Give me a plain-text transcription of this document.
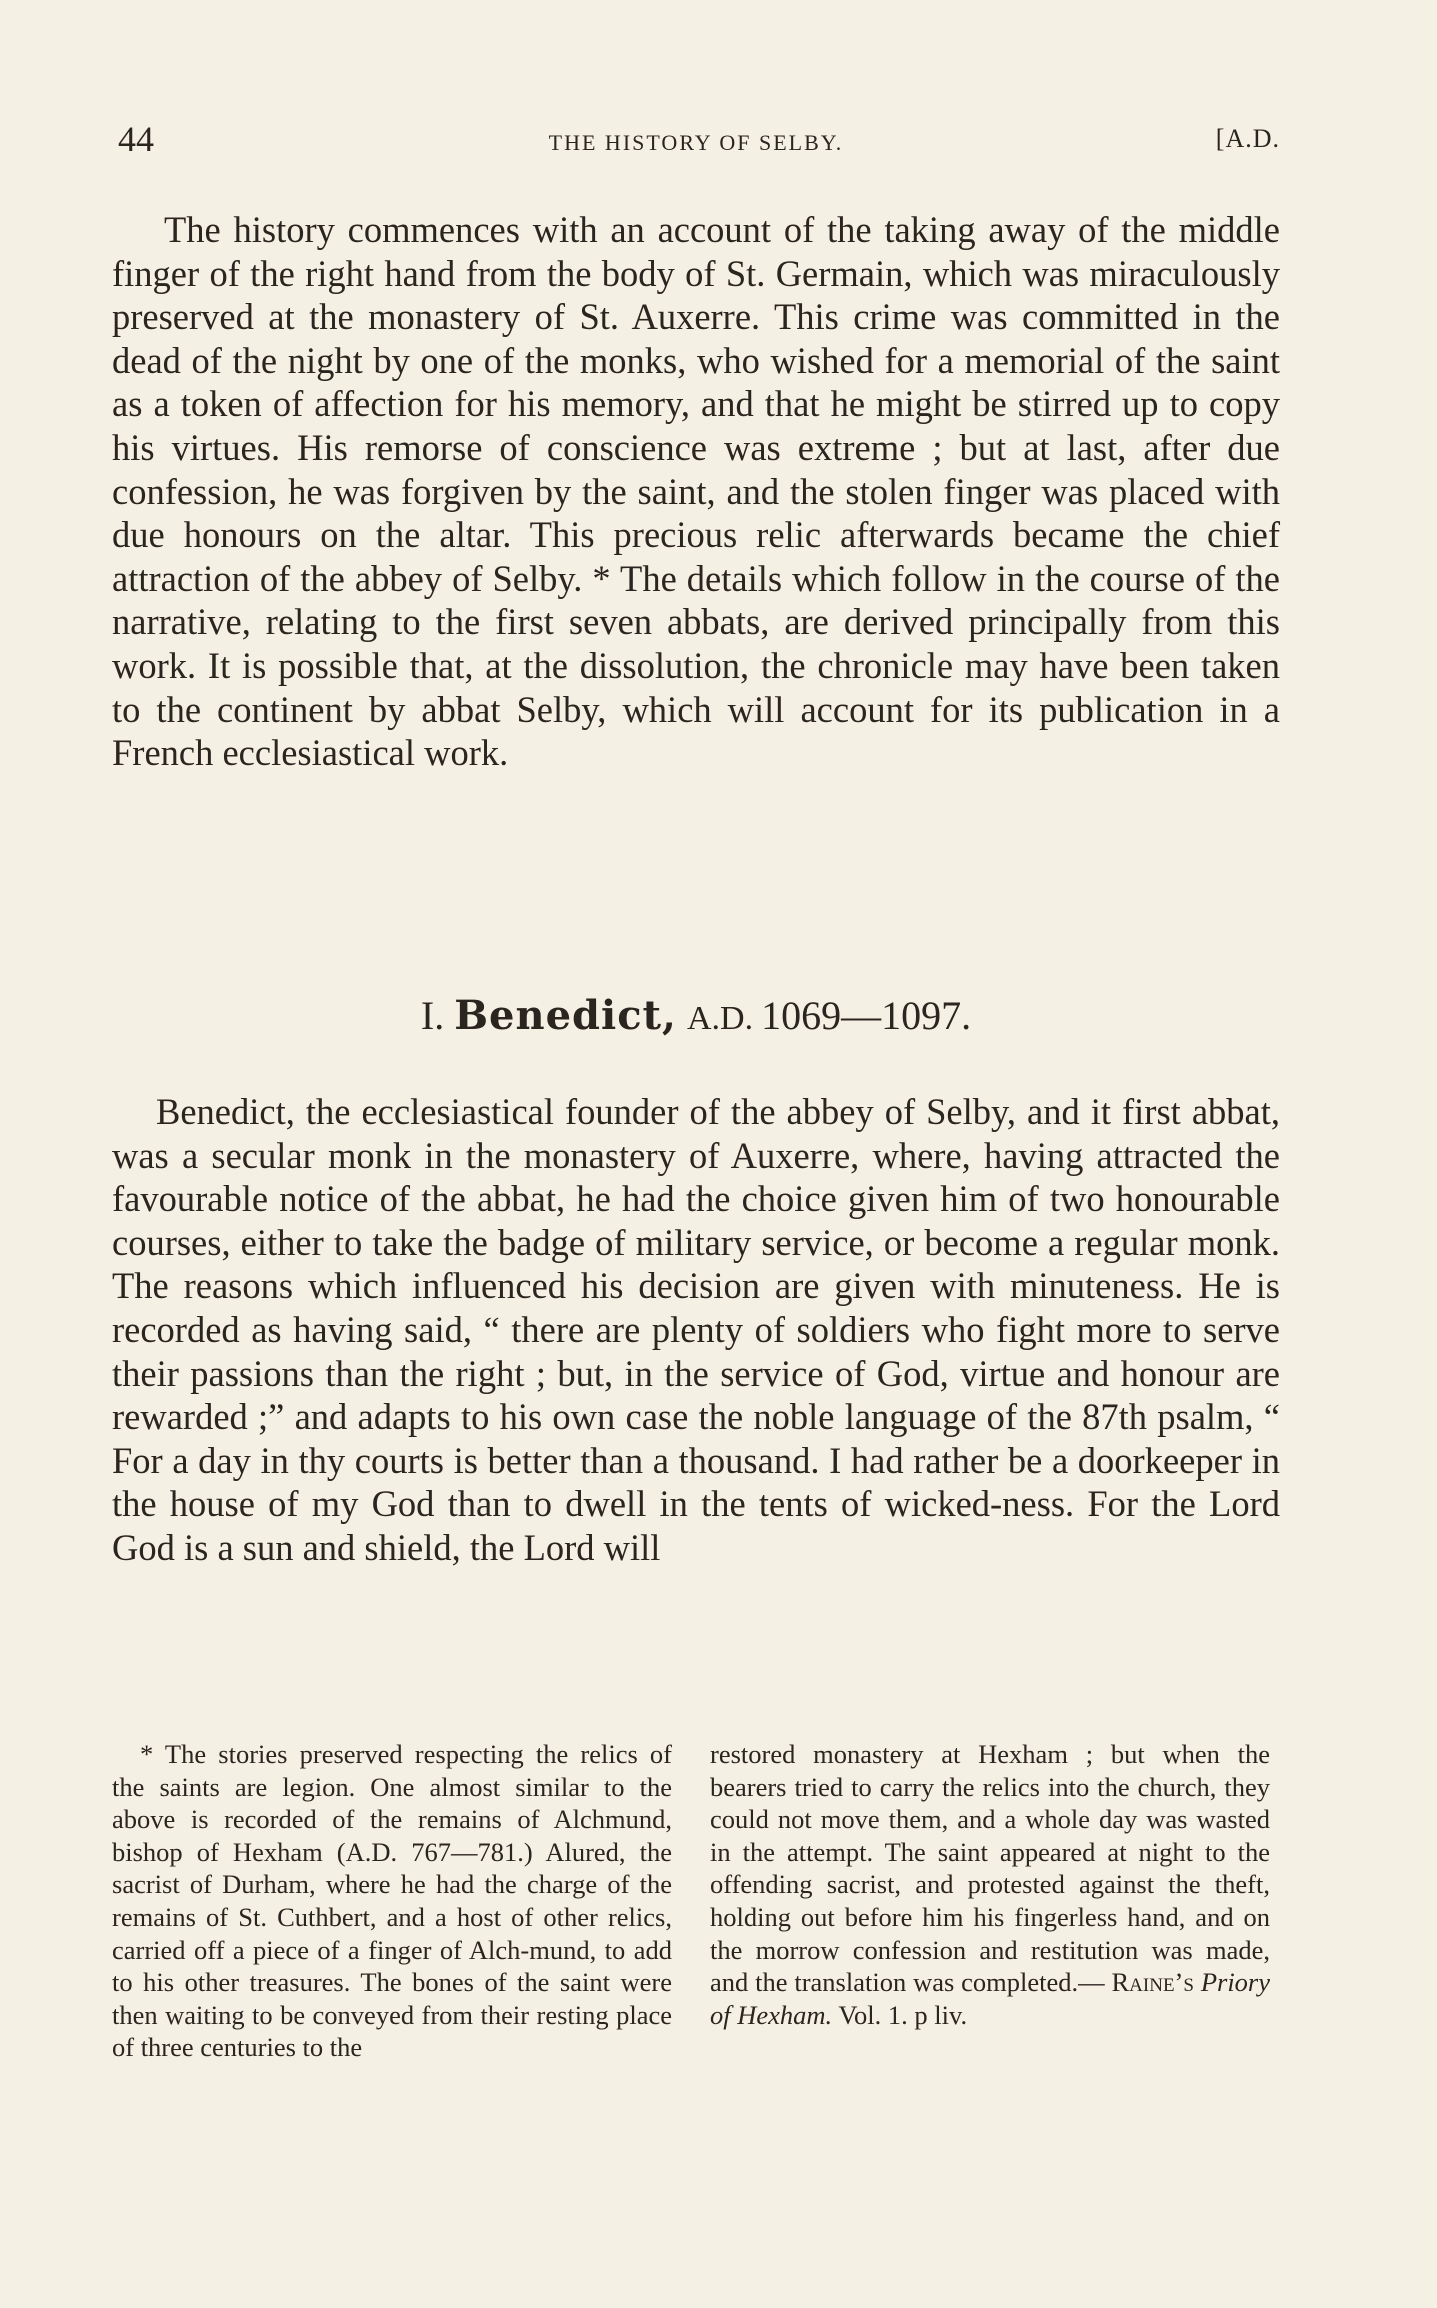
44	THE HISTORY OF SELBY.	[A.D.

The history commences with an account of the taking away of the middle finger of the right hand from the body of St. Germain, which was miraculously preserved at the monastery of St. Auxerre. This crime was committed in the dead of the night by one of the monks, who wished for a memorial of the saint as a token of affection for his memory, and that he might be stirred up to copy his virtues. His remorse of conscience was extreme ; but at last, after due confession, he was forgiven by the saint, and the stolen finger was placed with due honours on the altar. This precious relic afterwards became the chief attraction of the abbey of Selby. * The details which follow in the course of the narrative, relating to the first seven abbats, are derived principally from this work. It is possible that, at the dissolution, the chronicle may have been taken to the continent by abbat Selby, which will account for its publication in a French ecclesiastical work.

I. Benedict, A.D. 1069—1097.

Benedict, the ecclesiastical founder of the abbey of Selby, and it first abbat, was a secular monk in the monastery of Auxerre, where, having attracted the favourable notice of the abbat, he had the choice given him of two honourable courses, either to take the badge of military service, or become a regular monk. The reasons which influenced his decision are given with minuteness. He is recorded as having said, “ there are plenty of soldiers who fight more to serve their passions than the right ; but, in the service of God, virtue and honour are rewarded ;” and adapts to his own case the noble language of the 87th psalm, “ For a day in thy courts is better than a thousand. I had rather be a doorkeeper in the house of my God than to dwell in the tents of wicked-ness. For the Lord God is a sun and shield, the Lord will

* The stories preserved respecting the relics of the saints are legion. One almost similar to the above is recorded of the remains of Alchmund, bishop of Hexham (A.D. 767—781.) Alured, the sacrist of Durham, where he had the charge of the remains of St. Cuthbert, and a host of other relics, carried off a piece of a finger of Alch-mund, to add to his other treasures. The bones of the saint were then waiting to be conveyed from their resting place of three centuries to the

restored monastery at Hexham ; but when the bearers tried to carry the relics into the church, they could not move them, and a whole day was wasted in the attempt. The saint appeared at night to the offending sacrist, and protested against the theft, holding out before him his fingerless hand, and on the morrow confession and restitution was made, and the translation was completed.— Raine’s Priory of Hexham. Vol. 1. p liv.
